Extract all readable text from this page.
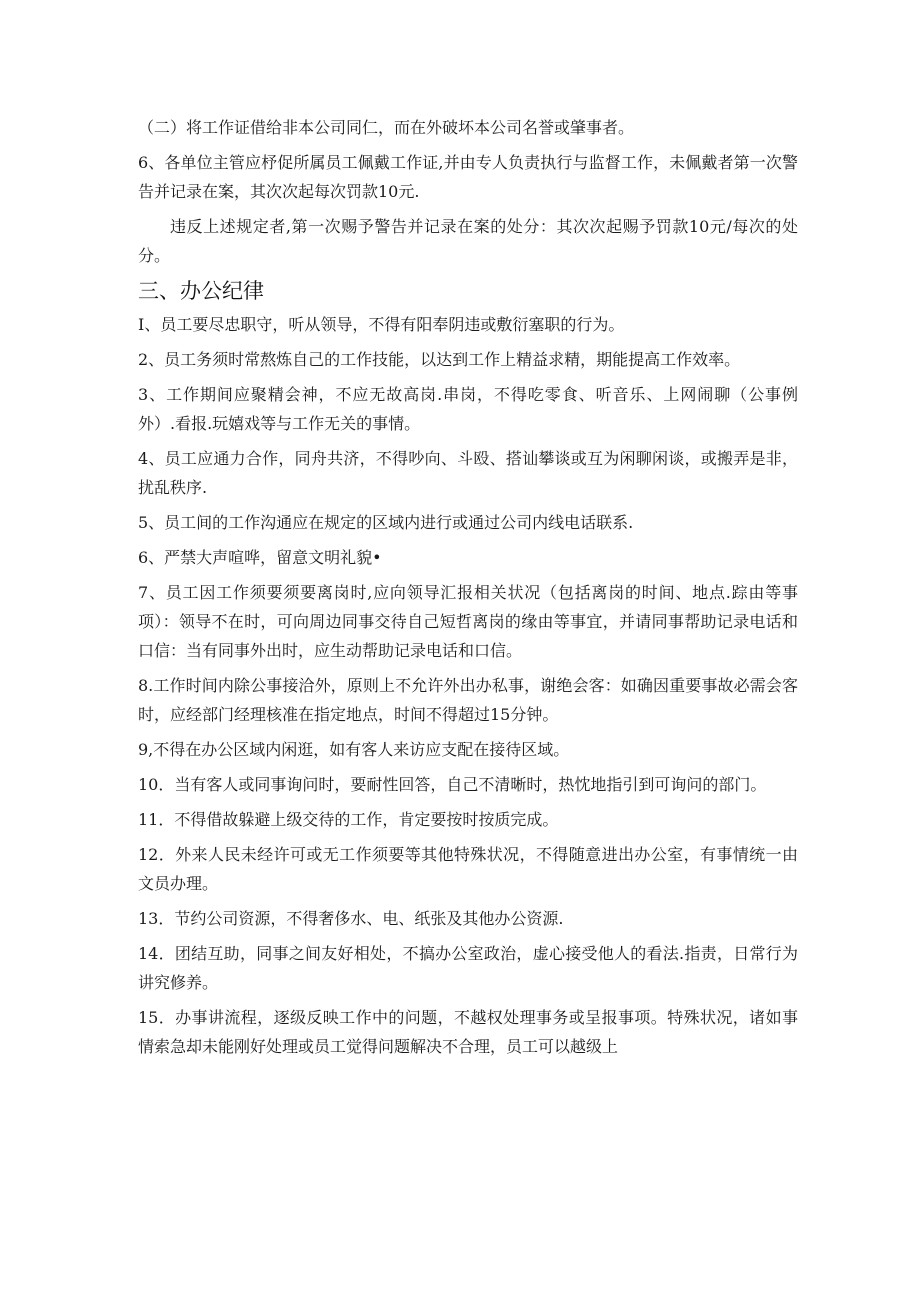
（二）将工作证借给非本公司同仁，而在外破坏本公司名誉或肇事者。

6、各单位主管应杼促所属员工佩戴工作证,并由专人负责执行与监督工作，未佩戴者第一次警告并记录在案，其次次起每次罚款10元.

违反上述规定者,第一次赐予警告并记录在案的处分：其次次起赐予罚款10元/每次的处分。

三、办公纪律

I、员工要尽忠职守，听从领导，不得有阳奉阴违或敷衍塞职的行为。

2、员工务须时常熬炼自己的工作技能，以达到工作上精益求精，期能提高工作效率。

3、工作期间应聚精会神，不应无故高岗.串岗，不得吃零食、听音乐、上网闹聊（公事例外）.看报.玩嬉戏等与工作无关的事情。

4、员工应通力合作，同舟共济，不得吵向、斗殴、搭讪攀谈或互为闲聊闲谈，或搬弄是非，扰乱秩序.

5、员工间的工作沟通应在规定的区域内进行或通过公司内线电话联系.

6、严禁大声喧哗，留意文明礼貌•

7、员工因工作须要须要离岗时,应向领导汇报相关状况（包括离岗的时间、地点.踪由等事项）：领导不在时，可向周边同事交待自己短哲离岗的缘由等事宜，并请同事帮助记录电话和口信：当有同事外出时，应生动帮助记录电话和口信。

8.工作时间内除公事接洽外，原则上不允许外出办私事，谢绝会客：如确因重要事故必需会客时，应经部门经理核准在指定地点，时间不得超过15分钟。

9,不得在办公区域内闲逛，如有客人来访应支配在接待区域。

10．当有客人或同事询问时，要耐性回答，自己不清晰时，热忱地指引到可询问的部门。

11．不得借故躲避上级交待的工作，肯定要按时按质完成。

12．外来人民未经许可或无工作须要等其他特殊状况，不得随意进出办公室，有事情统一由文员办理。

13．节约公司资源，不得奢侈水、电、纸张及其他办公资源.

14．团结互助，同事之间友好相处，不搞办公室政治，虚心接受他人的看法.指责，日常行为讲究修养。

15．办事讲流程，逐级反映工作中的问题，不越权处理事务或呈报事项。特殊状况，诸如事情索急却未能刚好处理或员工觉得问题解决不合理，员工可以越级上
